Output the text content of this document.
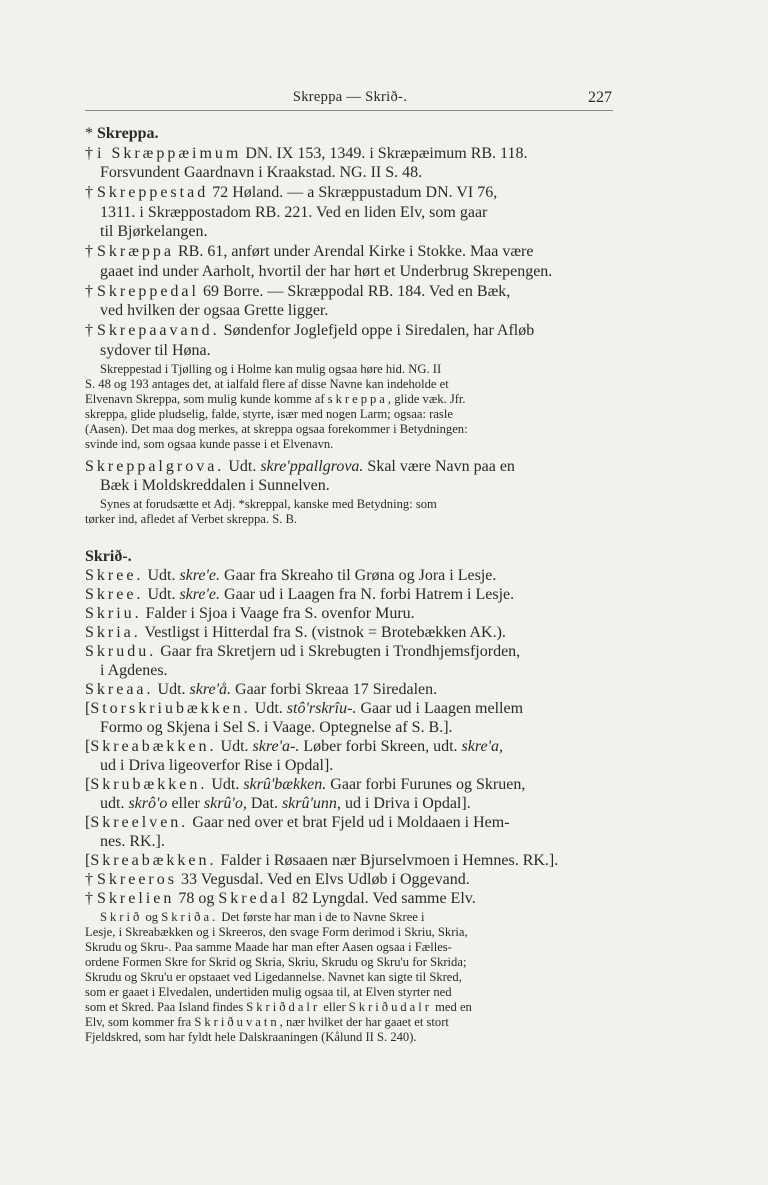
Skreppa — Skrið-.	227
* Skreppa.
† i Skræppæimum DN. IX 153, 1349. i Skræpæimum RB. 118.
Forsvundent Gaardnavn i Kraakstad. NG. II S. 48.
† Skreppestad 72 Høland. — a Skræppustadum DN. VI 76,
1311. i Skræppostadom RB. 221. Ved en liden Elv, som gaar
til Bjørkelangen.
† Skræppa RB. 61, anført under Arendal Kirke i Stokke. Maa være
gaaet ind under Aarholt, hvortil der har hørt et Underbrug Skrepengen.
† Skreppedal 69 Borre. — Skræppodal RB. 184. Ved en Bæk,
ved hvilken der ogsaa Grette ligger.
† Skrepaavand. Søndenfor Joglefjeld oppe i Siredalen, har Afløb
sydover til Høna.
Skreppestad i Tjølling og i Holme kan mulig ogsaa høre hid. NG. II
S. 48 og 193 antages det, at ialfald flere af disse Navne kan indeholde et
Elvenavn Skreppa, som mulig kunde komme af skreppa, glide væk. Jfr.
skreppa, glide pludselig, falde, styrte, især med nogen Larm; ogsaa: rasle
(Aasen). Det maa dog merkes, at skreppa ogsaa forekommer i Betydningen:
svinde ind, som ogsaa kunde passe i et Elvenavn.
Skreppalgrova. Udt. skre'ppallgrova. Skal være Navn paa en
Bæk i Moldskreddalen i Sunnelven.
Synes at forudsætte et Adj. *skreppal, kanske med Betydning: som
tørker ind, afledet af Verbet skreppa. S. B.
Skrið-.
Skree. Udt. skre'e. Gaar fra Skreaho til Grøna og Jora i Lesje.
Skree. Udt. skre'e. Gaar ud i Laagen fra N. forbi Hatrem i Lesje.
Skriu. Falder i Sjoa i Vaage fra S. ovenfor Muru.
Skria. Vestligst i Hitterdal fra S. (vistnok = Brotebækken AK.).
Skrudu. Gaar fra Skretjern ud i Skrebugten i Trondhjemsfjorden,
i Agdenes.
Skreaa. Udt. skre'å. Gaar forbi Skreaa 17 Siredalen.
[Storskriubækken. Udt. stô'rskrîu-. Gaar ud i Laagen mellem
Formo og Skjena i Sel S. i Vaage. Optegnelse af S. B.].
[Skreabækken. Udt. skre'a-. Løber forbi Skreen, udt. skre'a,
ud i Driva ligeoverfor Rise i Opdal].
[Skrubækken. Udt. skrû'bækken. Gaar forbi Furunes og Skruen,
udt. skrô'o eller skrû'o, Dat. skrû'unn, ud i Driva i Opdal].
[Skreelven. Gaar ned over et brat Fjeld ud i Moldaaen i Hem-
nes. RK.].
[Skreabækken. Falder i Røsaaen nær Bjurselvmoen i Hemnes. RK.].
† Skreeros 33 Vegusdal. Ved en Elvs Udløb i Oggevand.
† Skrelien 78 og Skredal 82 Lyngdal. Ved samme Elv.
Skrið og Skriða. Det første har man i de to Navne Skree i
Lesje, i Skreabækken og i Skreeros, den svage Form derimod i Skriu, Skria,
Skrudu og Skru-. Paa samme Maade har man efter Aasen ogsaa i Fælles-
ordene Formen Skre for Skrid og Skria, Skriu, Skrudu og Skru'u for Skrida;
Skrudu og Skru'u er opstaaet ved Ligedannelse. Navnet kan sigte til Skred,
som er gaaet i Elvedalen, undertiden mulig ogsaa til, at Elven styrter ned
som et Skred. Paa Island findes Skriðdalr eller Skriðudalr med en
Elv, som kommer fra Skriðuvatn, nær hvilket der har gaaet et stort
Fjeldskred, som har fyldt hele Dalskraaningen (Kålund II S. 240).
